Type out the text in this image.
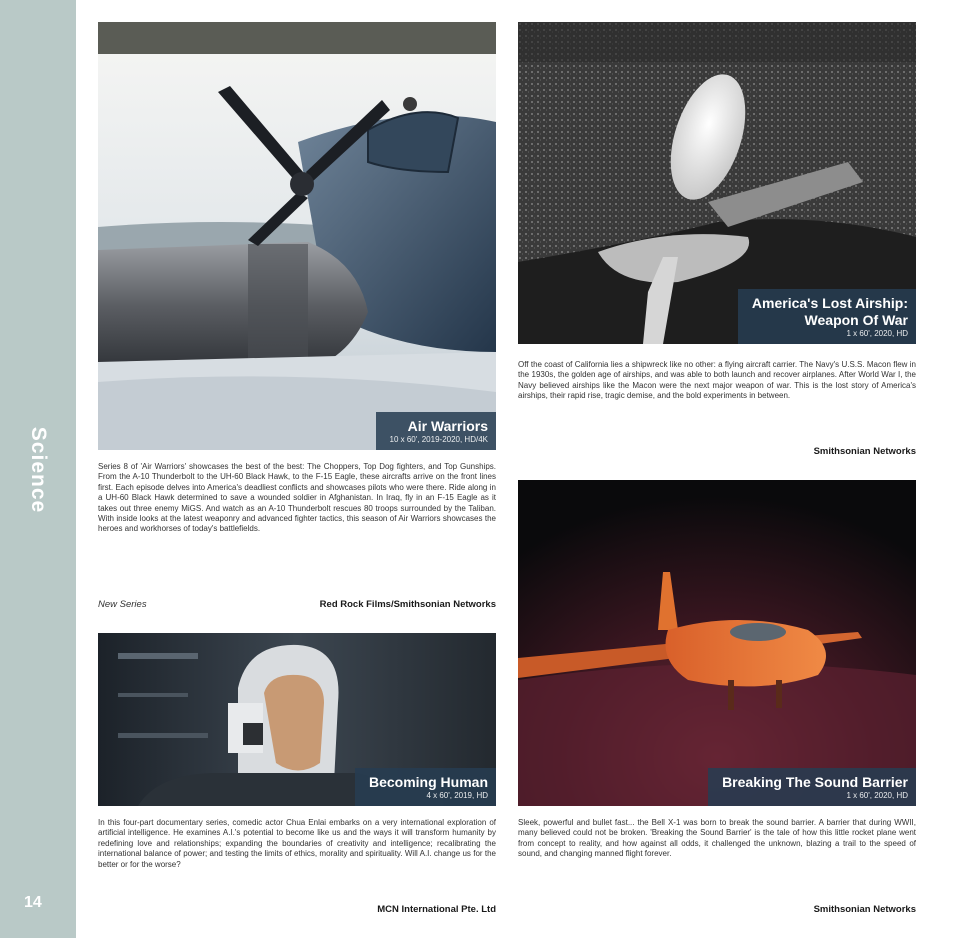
Science
14
Air Warriors
10 x 60', 2019-2020, HD/4K
Series 8 of 'Air Warriors' showcases the best of the best: The Choppers, Top Dog fighters, and Top Gunships. From the A-10 Thunderbolt to the UH-60 Black Hawk, to the F-15 Eagle, these aircrafts arrive on the front lines first. Each episode delves into America's deadliest conflicts and showcases pilots who were there. Ride along in a UH-60 Black Hawk determined to save a wounded soldier in Afghanistan. In Iraq, fly in an F-15 Eagle as it takes out three enemy MiGS. And watch as an A-10 Thunderbolt rescues 80 troops surrounded by the Taliban. With inside looks at the latest weaponry and advanced fighter tactics, this season of Air Warriors showcases the heroes and workhorses of today's battlefields.
New Series	Red Rock Films/Smithsonian Networks
America's Lost Airship:
Weapon Of War
1 x 60', 2020, HD
Off the coast of California lies a shipwreck like no other: a flying aircraft carrier. The Navy's U.S.S. Macon flew in the 1930s, the golden age of airships, and was able to both launch and recover airplanes. After World War I, the Navy believed airships like the Macon were the next major weapon of war. This is the lost story of America's airships, their rapid rise, tragic demise, and the bold experiments in between.
Smithsonian Networks
Becoming Human
4 x 60', 2019, HD
In this four-part documentary series, comedic actor Chua Enlai embarks on a very international exploration of artificial intelligence. He examines A.I.'s potential to become like us and the ways it will transform humanity by redefining love and relationships; expanding the boundaries of creativity and intelligence; recalibrating the international balance of power; and testing the limits of ethics, morality and spirituality. Will A.I. change us for the better or for the worse?
MCN International Pte. Ltd
Breaking The Sound Barrier
1 x 60', 2020, HD
Sleek, powerful and bullet fast... the Bell X-1 was born to break the sound barrier. A barrier that during WWII, many believed could not be broken. 'Breaking the Sound Barrier' is the tale of how this little rocket plane went from concept to reality, and how against all odds, it challenged the unknown, blazing a trail to the speed of sound, and changing manned flight forever.
Smithsonian Networks
